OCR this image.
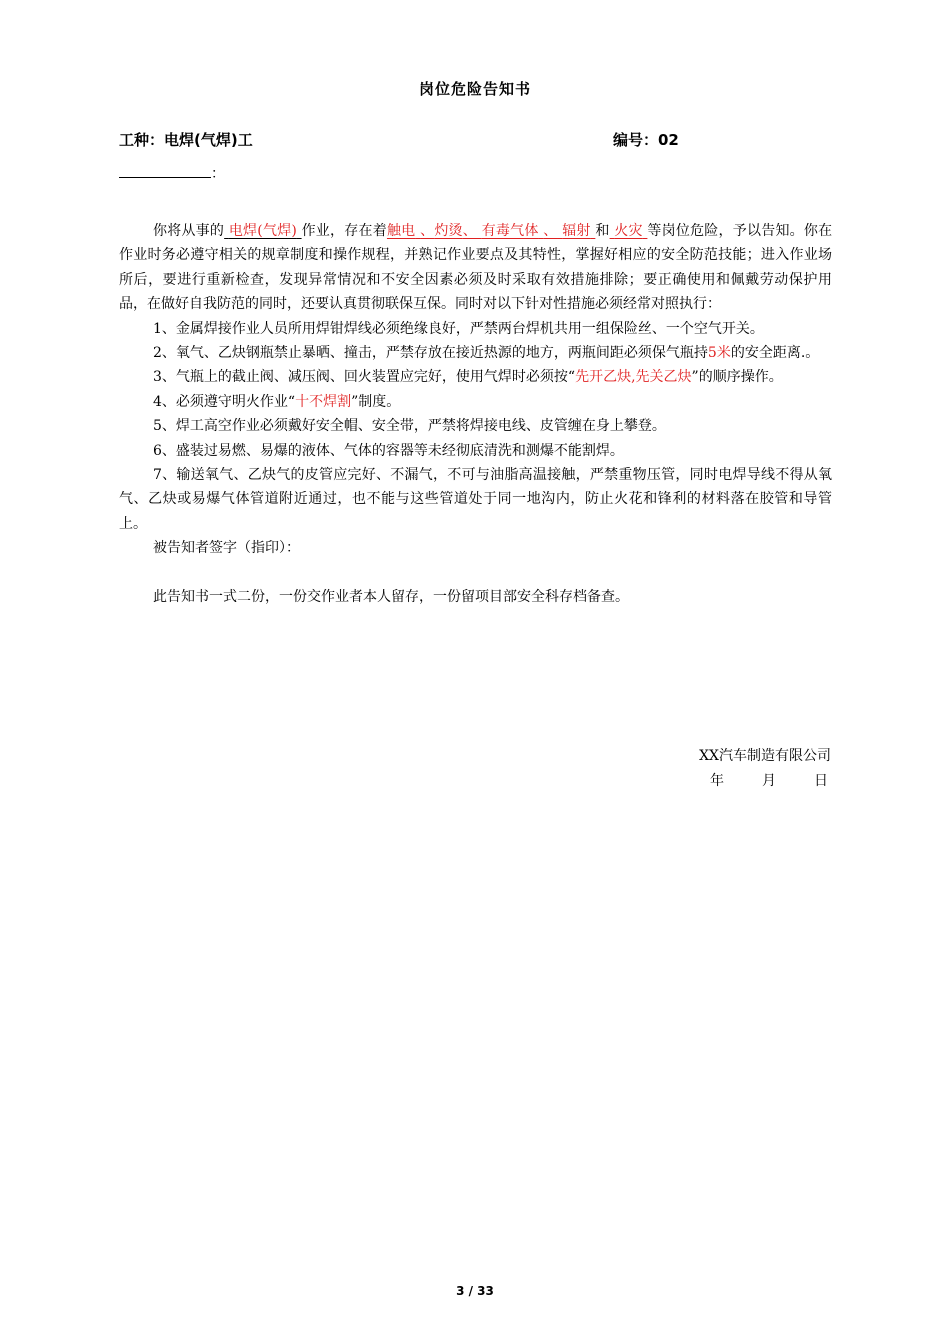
岗位危险告知书
工种：电焊(气焊)工	编号：02
：

你将从事的 电焊(气焊) 作业，存在着触电 、灼烫、 有毒气体 、 辐射 和 火灾 等岗位危险，予以告知。你在作业时务必遵守相关的规章制度和操作规程，并熟记作业要点及其特性，掌握好相应的安全防范技能；进入作业场所后，要进行重新检查，发现异常情况和不安全因素必须及时采取有效措施排除；要正确使用和佩戴劳动保护用品，在做好自我防范的同时，还要认真贯彻联保互保。同时对以下针对性措施必须经常对照执行：

1、金属焊接作业人员所用焊钳焊线必须绝缘良好，严禁两台焊机共用一组保险丝、一个空气开关。

2、氧气、乙炔钢瓶禁止暴晒、撞击，严禁存放在接近热源的地方，两瓶间距必须保气瓶持5米的安全距离.。

3、气瓶上的截止阀、减压阀、回火装置应完好，使用气焊时必须按“先开乙炔,先关乙炔”的顺序操作。

4、必须遵守明火作业“十不焊割”制度。

5、焊工高空作业必须戴好安全帽、安全带，严禁将焊接电线、皮管缠在身上攀登。

6、盛装过易燃、易爆的液体、气体的容器等未经彻底清洗和测爆不能割焊。

7、输送氧气、乙炔气的皮管应完好、不漏气，不可与油脂高温接触，严禁重物压管，同时电焊导线不得从氧气、乙炔或易爆气体管道附近通过，也不能与这些管道处于同一地沟内，防止火花和锋利的材料落在胶管和导管上。

被告知者签字（指印）：

此告知书一式二份，一份交作业者本人留存，一份留项目部安全科存档备查。

XX汽车制造有限公司
年	月	日
3 / 33
